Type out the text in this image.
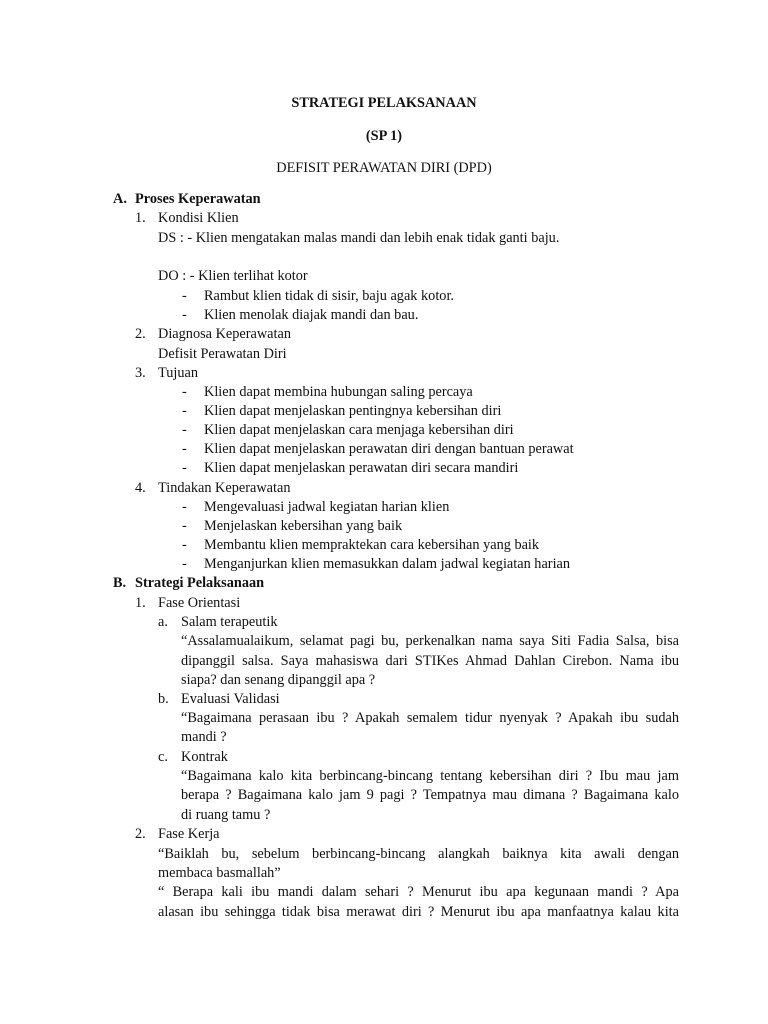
STRATEGI PELAKSANAAN
(SP 1)
DEFISIT PERAWATAN DIRI (DPD)
A. Proses Keperawatan
1. Kondisi Klien
DS : - Klien mengatakan malas mandi dan lebih enak tidak ganti baju.
DO : - Klien terlihat kotor
- Rambut klien tidak di sisir, baju agak kotor.
- Klien menolak diajak mandi dan bau.
2. Diagnosa Keperawatan
Defisit Perawatan Diri
3. Tujuan
- Klien dapat membina hubungan saling percaya
- Klien dapat menjelaskan pentingnya kebersihan diri
- Klien dapat menjelaskan cara menjaga kebersihan diri
- Klien dapat menjelaskan perawatan diri dengan bantuan perawat
- Klien dapat menjelaskan perawatan diri secara mandiri
4. Tindakan Keperawatan
- Mengevaluasi jadwal kegiatan harian klien
- Menjelaskan kebersihan yang baik
- Membantu klien mempraktekan cara kebersihan yang baik
- Menganjurkan klien memasukkan dalam jadwal kegiatan harian
B. Strategi Pelaksanaan
1. Fase Orientasi
a. Salam terapeutik
“Assalamualaikum, selamat pagi bu, perkenalkan nama saya Siti Fadia Salsa, bisa
dipanggil salsa. Saya mahasiswa dari STIKes Ahmad Dahlan Cirebon. Nama ibu
siapa? dan senang dipanggil apa ?
b. Evaluasi Validasi
“Bagaimana perasaan ibu ? Apakah semalem tidur nyenyak ? Apakah ibu sudah
mandi ?
c. Kontrak
“Bagaimana kalo kita berbincang-bincang tentang kebersihan diri ? Ibu mau jam
berapa ? Bagaimana kalo jam 9 pagi ? Tempatnya mau dimana ? Bagaimana kalo
di ruang tamu ?
2. Fase Kerja
“Baiklah bu, sebelum berbincang-bincang alangkah baiknya kita awali dengan
membaca basmallah”
“ Berapa kali ibu mandi dalam sehari ? Menurut ibu apa kegunaan mandi ? Apa
alasan ibu sehingga tidak bisa merawat diri ? Menurut ibu apa manfaatnya kalau kita
